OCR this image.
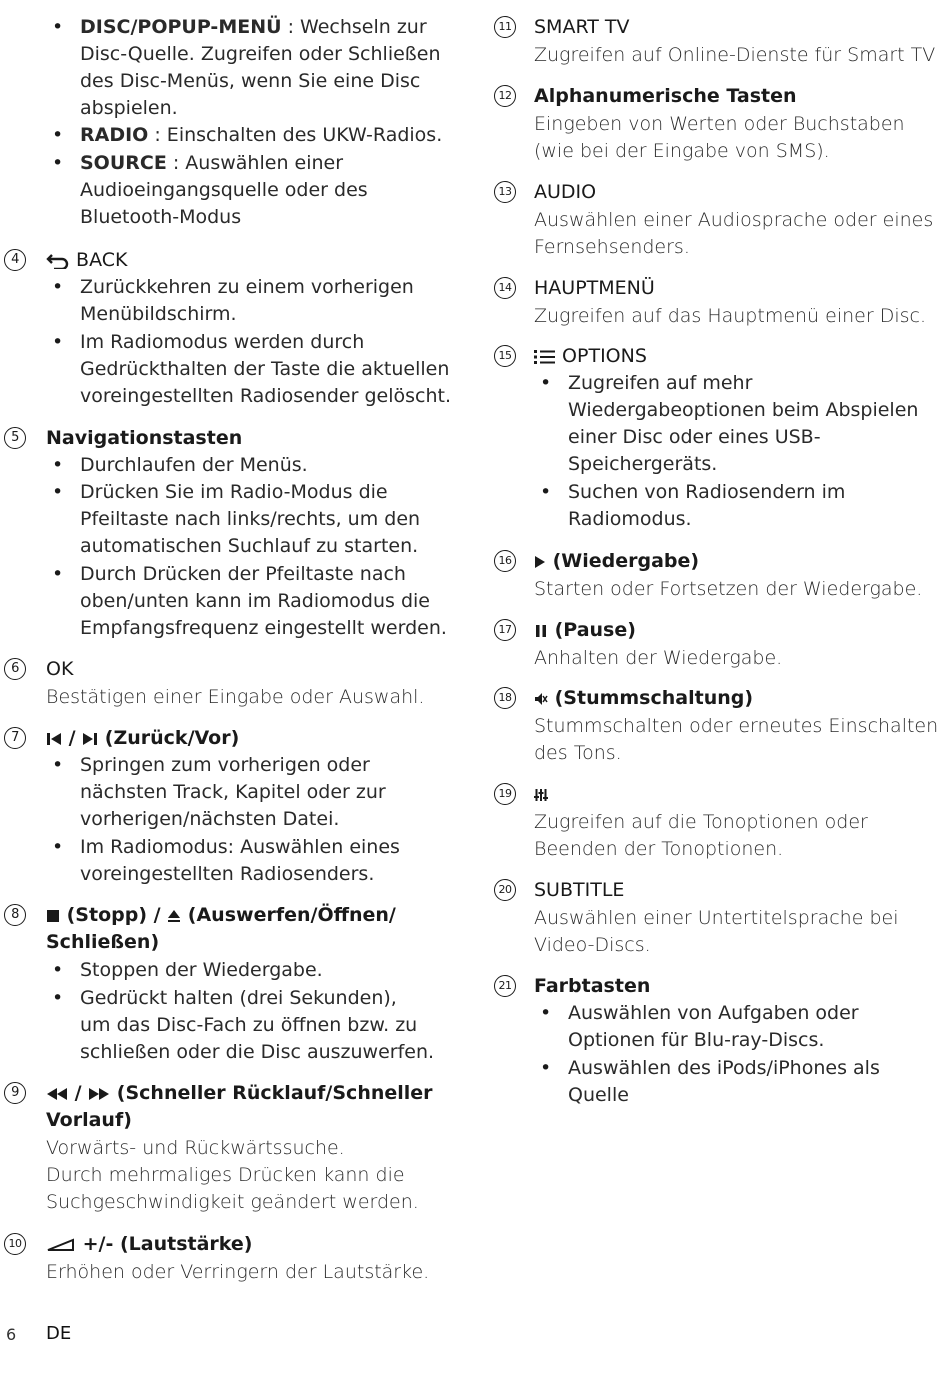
• DISC/POPUP-MENÜ : Wechseln zur
Disc-Quelle. Zugreifen oder Schließen
des Disc-Menüs, wenn Sie eine Disc
abspielen.
• RADIO : Einschalten des UKW-Radios.
• SOURCE : Auswählen einer
Audioeingangsquelle oder des
Bluetooth-Modus
4	BACK
• Zurückkehren zu einem vorherigen
Menübildschirm.
• Im Radiomodus werden durch
Gedrückthalten der Taste die aktuellen
voreingestellten Radiosender gelöscht.
5	Navigationstasten
• Durchlaufen der Menüs.
• Drücken Sie im Radio-Modus die
Pfeiltaste nach links/rechts, um den
automatischen Suchlauf zu starten.
• Durch Drücken der Pfeiltaste nach
oben/unten kann im Radiomodus die
Empfangsfrequenz eingestellt werden.
6	OK
Bestätigen einer Eingabe oder Auswahl.
7	/  (Zurück/Vor)
• Springen zum vorherigen oder
nächsten Track, Kapitel oder zur
vorherigen/nächsten Datei.
• Im Radiomodus: Auswählen eines
voreingestellten Radiosenders.
8	(Stopp) /  (Auswerfen/Öffnen/
Schließen)
• Stoppen der Wiedergabe.
• Gedrückt halten (drei Sekunden),
um das Disc-Fach zu öffnen bzw. zu
schließen oder die Disc auszuwerfen.
9	/  (Schneller Rücklauf/Schneller
Vorlauf)
Vorwärts- und Rückwärtssuche.
Durch mehrmaliges Drücken kann die
Suchgeschwindigkeit geändert werden.
10	+/- (Lautstärke)
Erhöhen oder Verringern der Lautstärke.
6 DE
11 SMART TV
Zugreifen auf Online-Dienste für Smart TV
12 Alphanumerische Tasten
Eingeben von Werten oder Buchstaben
(wie bei der Eingabe von SMS).
13 AUDIO
Auswählen einer Audiosprache oder eines
Fernsehsenders.
14 HAUPTMENÜ
Zugreifen auf das Hauptmenü einer Disc.
15	OPTIONS
• Zugreifen auf mehr
Wiedergabeoptionen beim Abspielen
einer Disc oder eines USB-
Speichergeräts.
• Suchen von Radiosendern im
Radiomodus.
16	(Wiedergabe)
Starten oder Fortsetzen der Wiedergabe.
17	(Pause)
Anhalten der Wiedergabe.
18	(Stummschaltung)
Stummschalten oder erneutes Einschalten
des Tons.
19
Zugreifen auf die Tonoptionen oder
Beenden der Tonoptionen.
20 SUBTITLE
Auswählen einer Untertitelsprache bei
Video-Discs.
21 Farbtasten
• Auswählen von Aufgaben oder
Optionen für Blu-ray-Discs.
• Auswählen des iPods/iPhones als
Quelle
